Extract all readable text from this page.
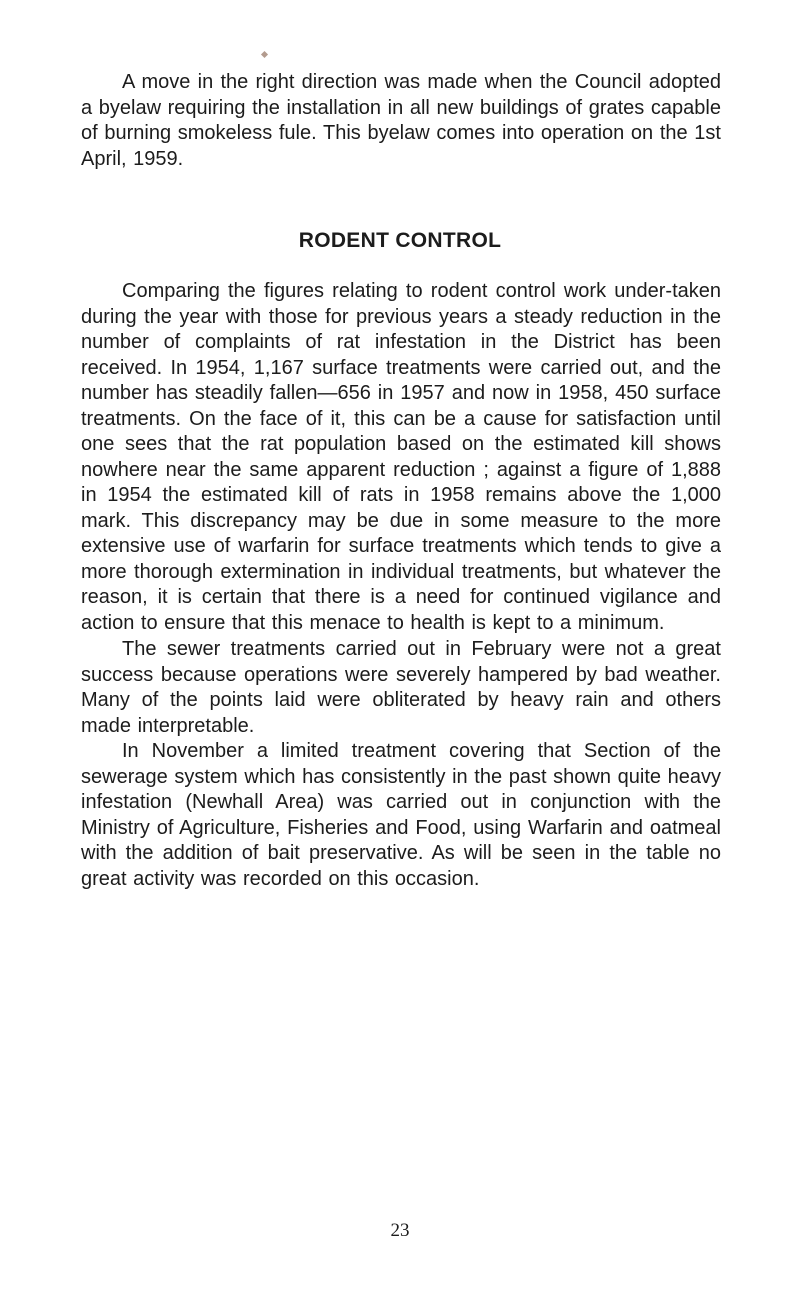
A move in the right direction was made when the Council adopted a byelaw requiring the installation in all new buildings of grates capable of burning smokeless fule. This byelaw comes into operation on the 1st April, 1959.

RODENT CONTROL

Comparing the figures relating to rodent control work under-taken during the year with those for previous years a steady reduction in the number of complaints of rat infestation in the District has been received. In 1954, 1,167 surface treatments were carried out, and the number has steadily fallen—656 in 1957 and now in 1958, 450 surface treatments. On the face of it, this can be a cause for satisfaction until one sees that the rat population based on the estimated kill shows nowhere near the same apparent reduction ; against a figure of 1,888 in 1954 the estimated kill of rats in 1958 remains above the 1,000 mark. This discrepancy may be due in some measure to the more extensive use of warfarin for surface treatments which tends to give a more thorough extermination in individual treatments, but whatever the reason, it is certain that there is a need for continued vigilance and action to ensure that this menace to health is kept to a minimum.

The sewer treatments carried out in February were not a great success because operations were severely hampered by bad weather. Many of the points laid were obliterated by heavy rain and others made interpretable.

In November a limited treatment covering that Section of the sewerage system which has consistently in the past shown quite heavy infestation (Newhall Area) was carried out in conjunction with the Ministry of Agriculture, Fisheries and Food, using Warfarin and oatmeal with the addition of bait preservative. As will be seen in the table no great activity was recorded on this occasion.

23
